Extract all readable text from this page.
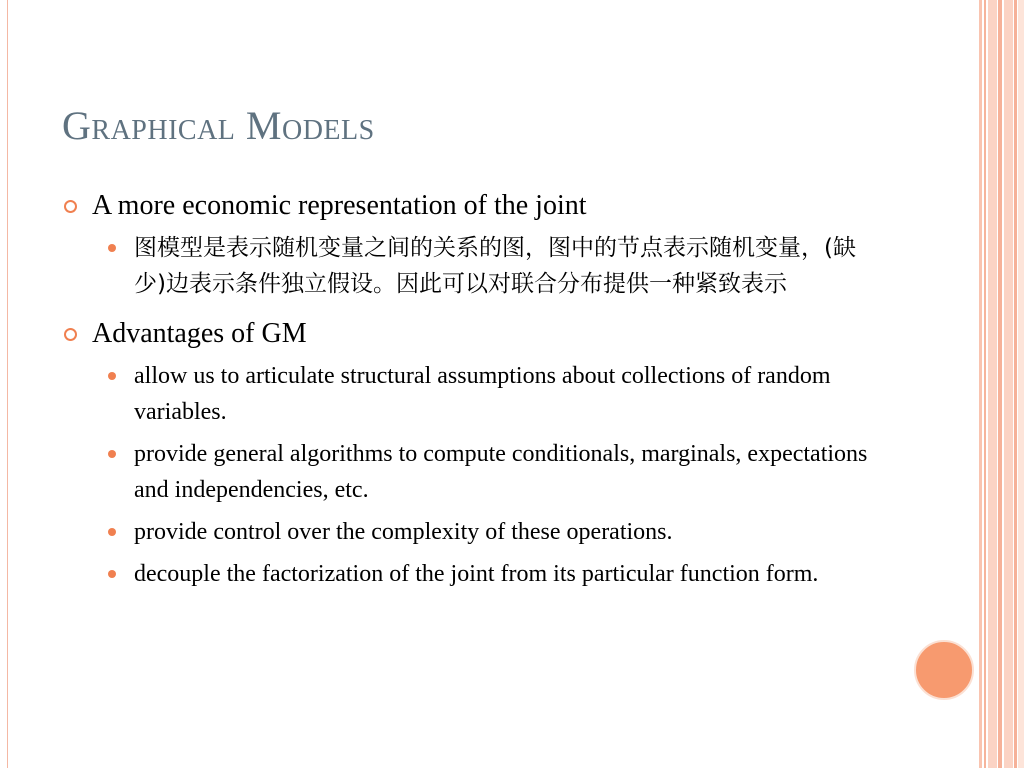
Graphical Models
A more economic representation of the joint
图模型是表示随机变量之间的关系的图，图中的节点表示随机变量，(缺少)边表示条件独立假设。因此可以对联合分布提供一种紧致表示
Advantages of GM
allow us to articulate structural assumptions about collections of random variables.
provide general algorithms to compute conditionals, marginals, expectations and independencies, etc.
provide control over the complexity of these operations.
decouple the factorization of the joint from its particular function form.
